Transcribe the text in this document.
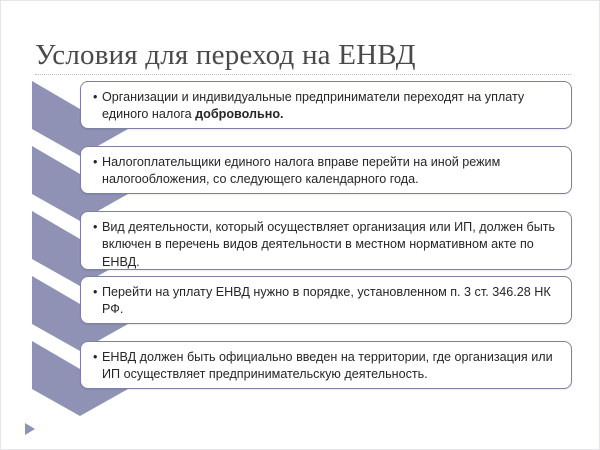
Условия для переход на ЕНВД
• Организации и индивидуальные предприниматели переходят на уплату единого налога добровольно.
• Налогоплательщики единого налога вправе перейти на иной режим налогообложения, со следующего календарного года.
• Вид деятельности, который осуществляет организация или ИП, должен быть включен в перечень видов деятельности в местном нормативном акте по ЕНВД.
• Перейти на уплату ЕНВД нужно в порядке, установленном п. 3 ст. 346.28 НК РФ.
• ЕНВД должен быть официально введен на территории, где организация или ИП осуществляет предпринимательскую деятельность.
